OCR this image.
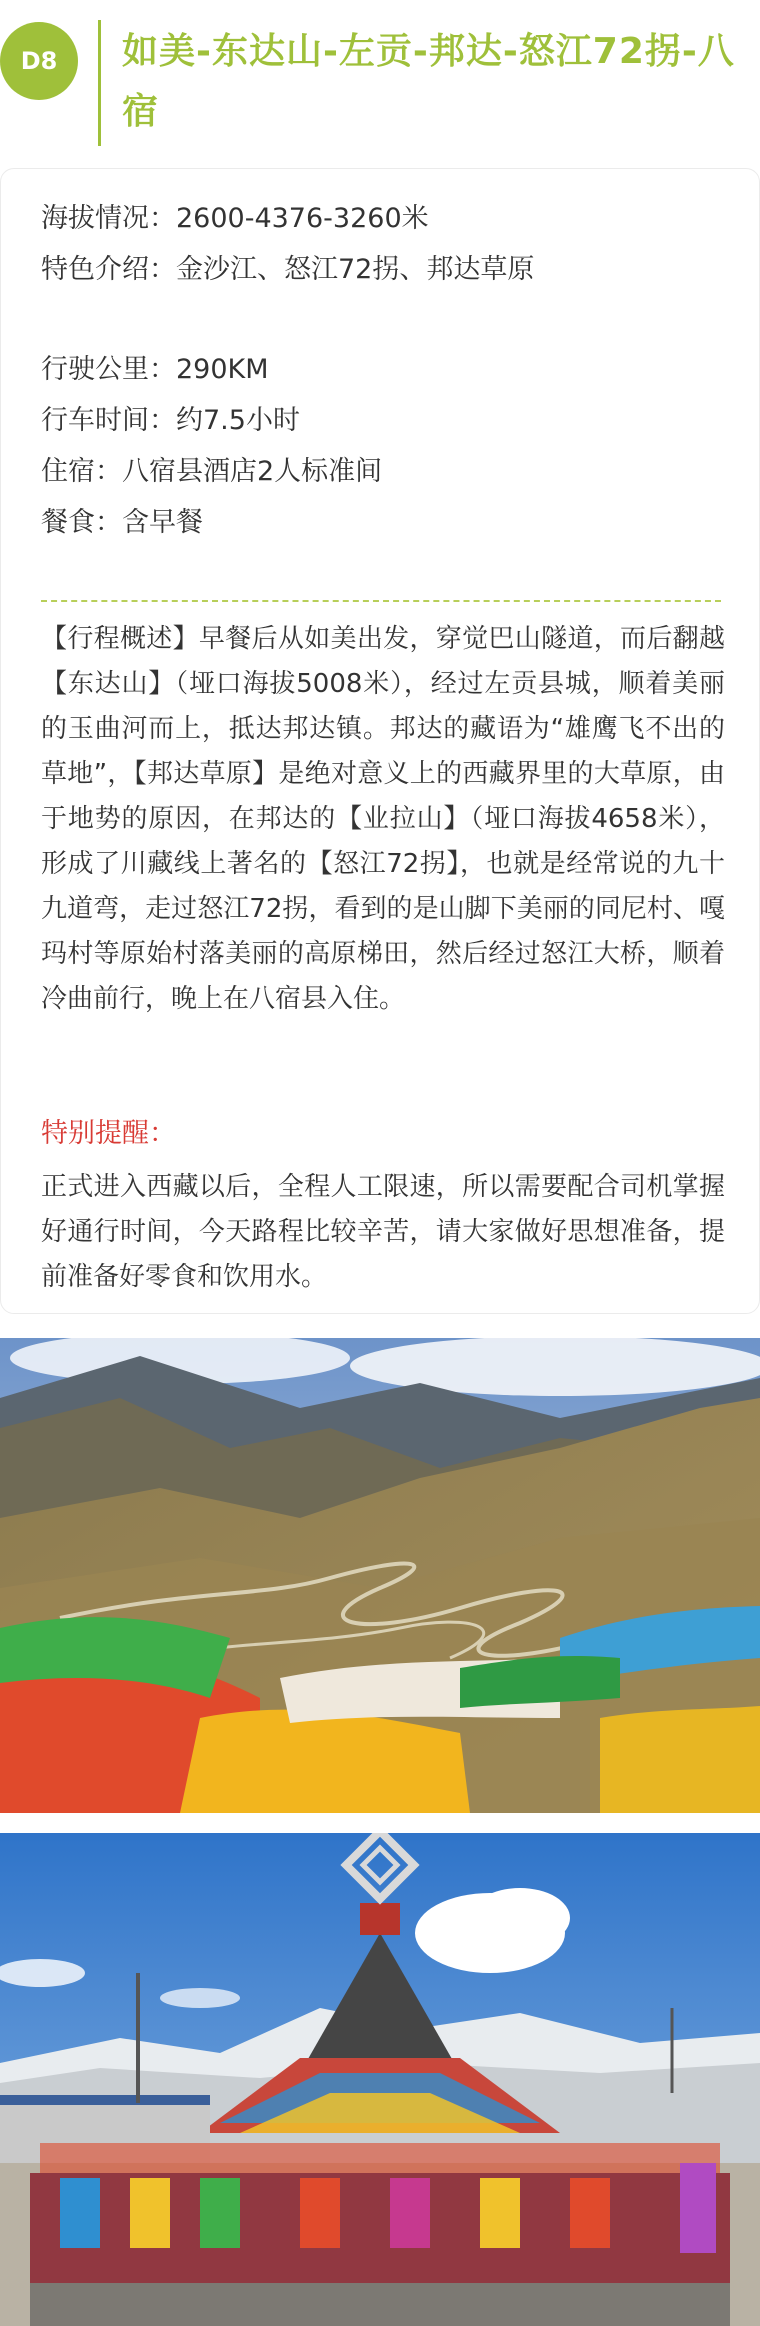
D8	如美-东达山-左贡-邦达-怒江72拐-八宿
海拔情况：2600-4376-3260米
特色介绍：金沙江、怒江72拐、邦达草原
行驶公里：290KM
行车时间：约7.5小时
住宿：八宿县酒店2人标准间
餐食：含早餐
【行程概述】早餐后从如美出发，穿觉巴山隧道，而后翻越【东达山】（垭口海拔5008米），经过左贡县城，顺着美丽的玉曲河而上，抵达邦达镇。邦达的藏语为“雄鹰飞不出的草地”，【邦达草原】是绝对意义上的西藏界里的大草原，由于地势的原因，在邦达的【业拉山】（垭口海拔4658米），形成了川藏线上著名的【怒江72拐】，也就是经常说的九十九道弯，走过怒江72拐，看到的是山脚下美丽的同尼村、嘎玛村等原始村落美丽的高原梯田，然后经过怒江大桥，顺着冷曲前行，晚上在八宿县入住。
特别提醒：
正式进入西藏以后，全程人工限速，所以需要配合司机掌握好通行时间，今天路程比较辛苦，请大家做好思想准备，提前准备好零食和饮用水。
